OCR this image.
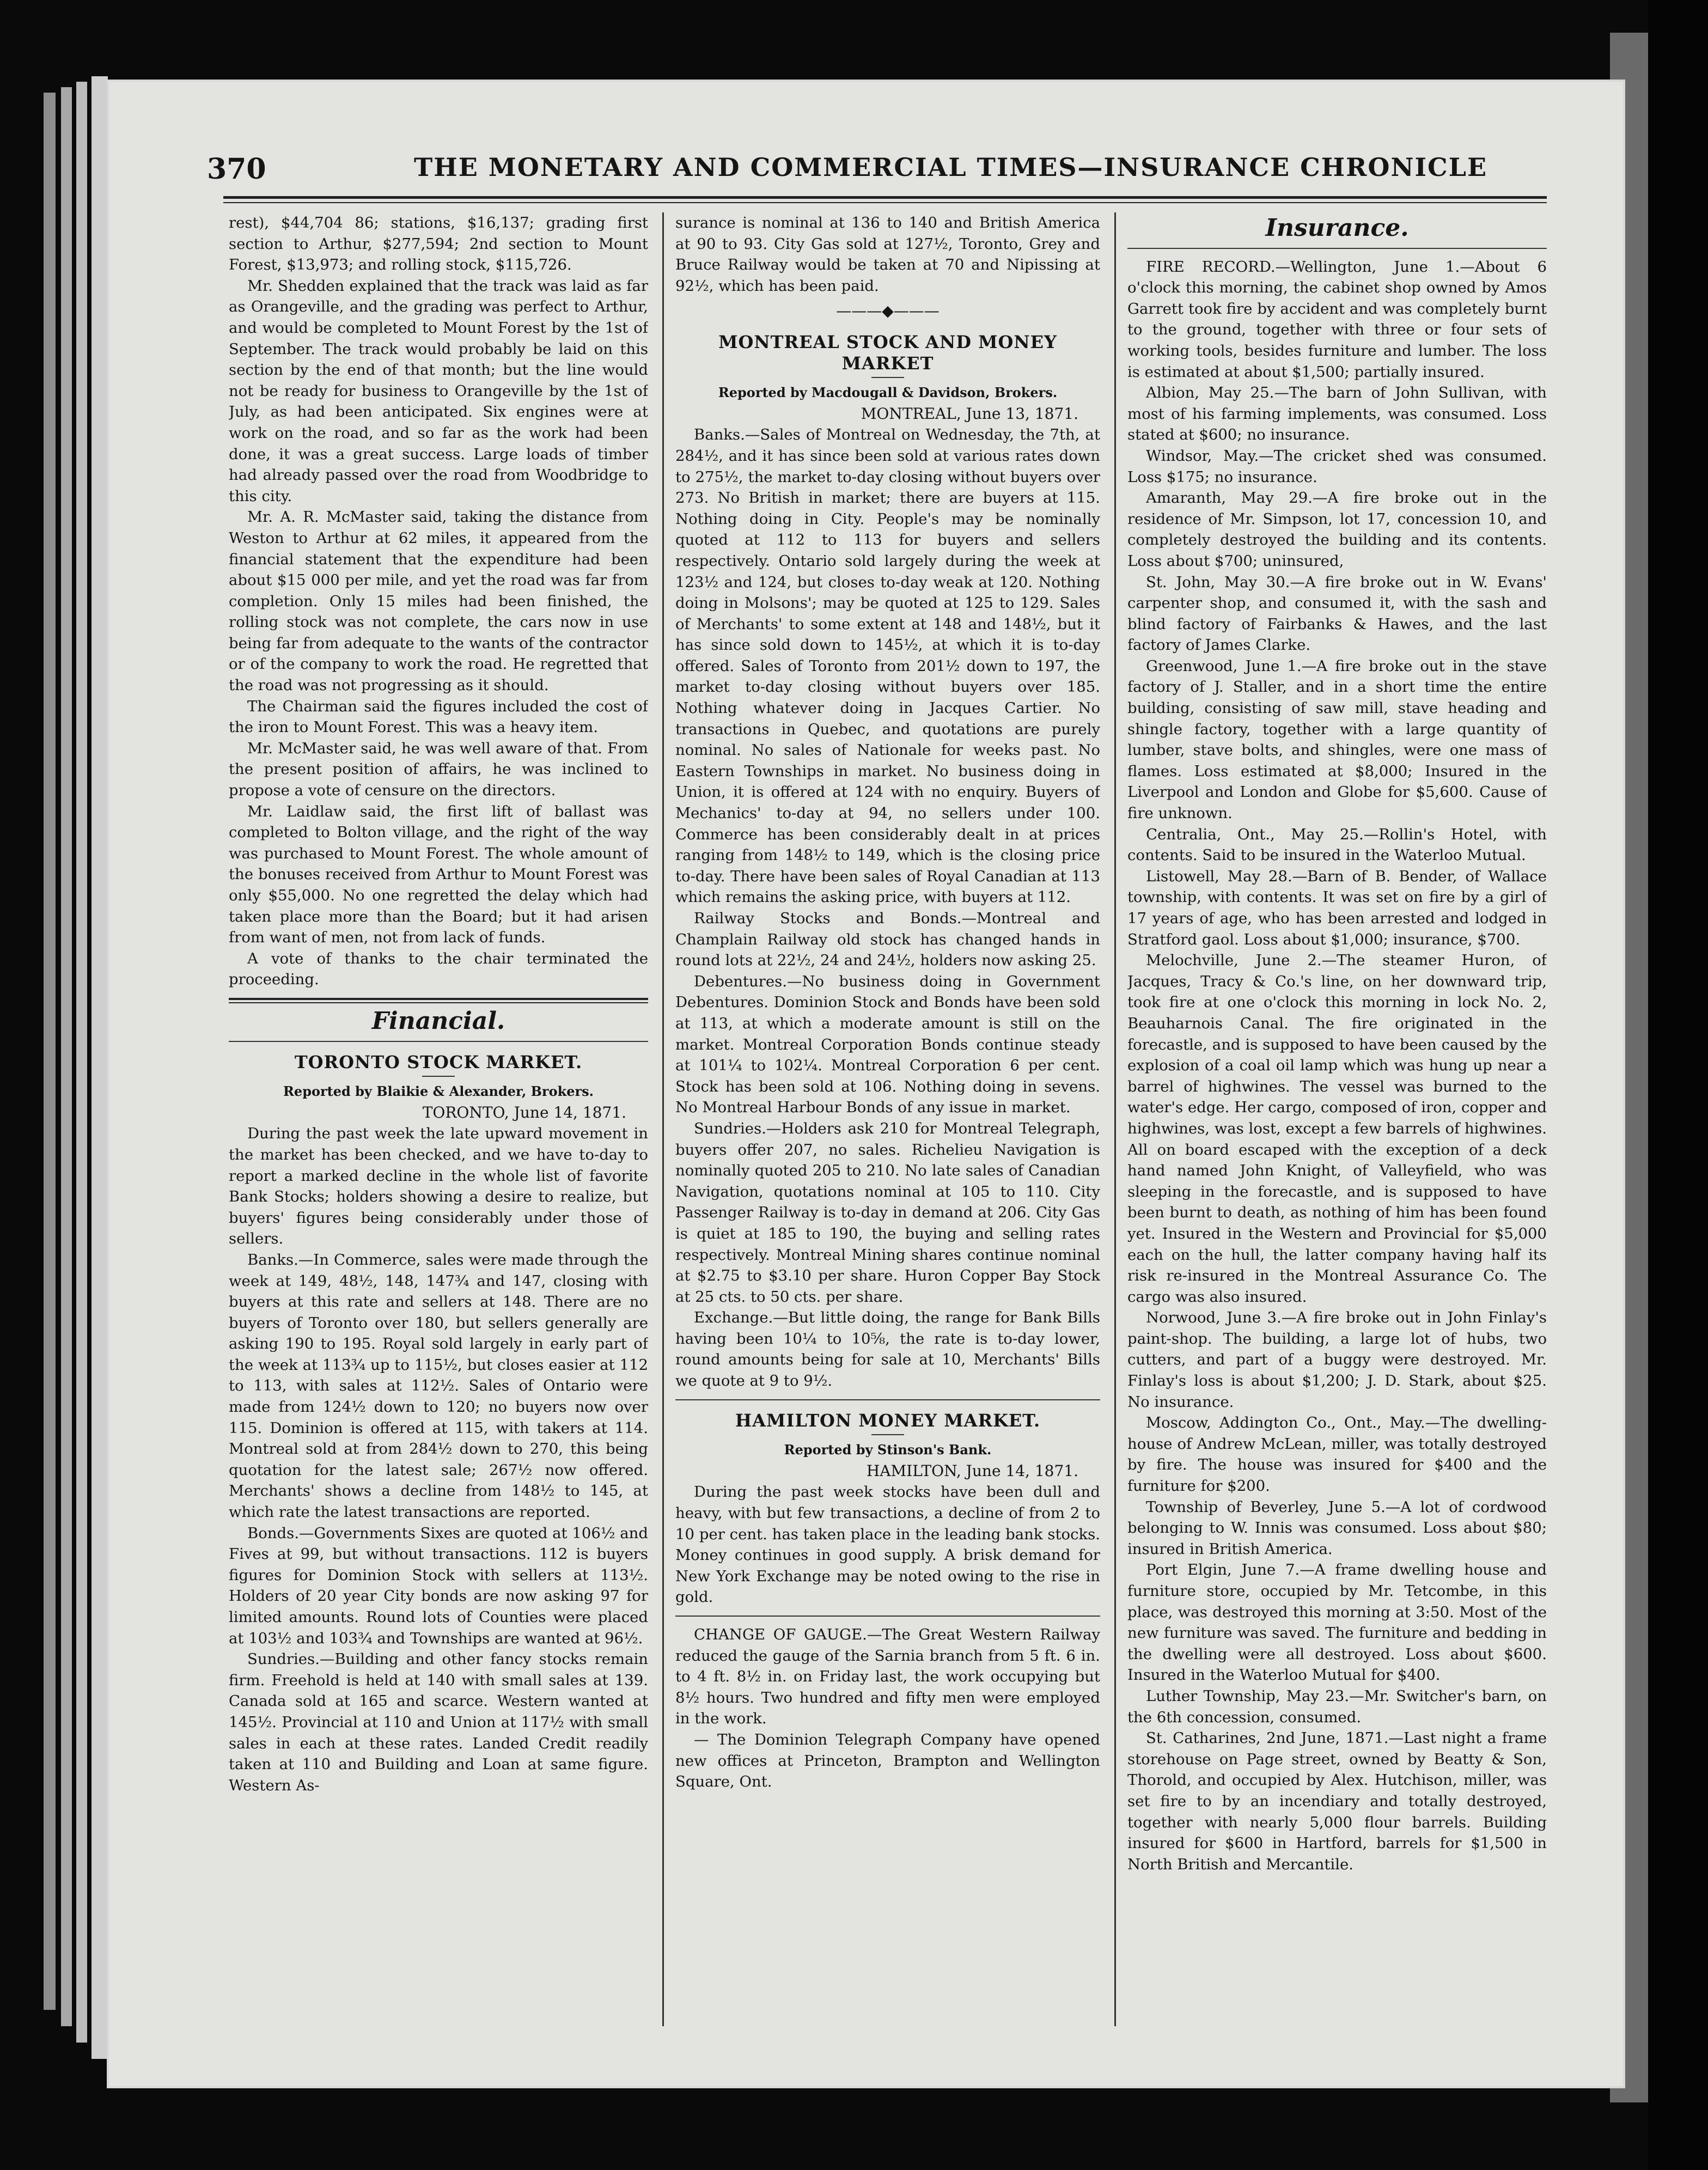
370	THE MONETARY AND COMMERCIAL TIMES—INSURANCE CHRONICLE

rest), $44,704 86; stations, $16,137; grading first section to Arthur, $277,594; 2nd section to Mount Forest, $13,973; and rolling stock, $115,726.

Mr. Shedden explained that the track was laid as far as Orangeville, and the grading was perfect to Arthur, and would be completed to Mount Forest by the 1st of September. The track would probably be laid on this section by the end of that month; but the line would not be ready for business to Orangeville by the 1st of July, as had been anticipated. Six engines were at work on the road, and so far as the work had been done, it was a great success. Large loads of timber had already passed over the road from Woodbridge to this city.

Mr. A. R. McMaster said, taking the distance from Weston to Arthur at 62 miles, it appeared from the financial statement that the expenditure had been about $15 000 per mile, and yet the road was far from completion. Only 15 miles had been finished, the rolling stock was not complete, the cars now in use being far from adequate to the wants of the contractor or of the company to work the road. He regretted that the road was not progressing as it should.

The Chairman said the figures included the cost of the iron to Mount Forest. This was a heavy item.

Mr. McMaster said, he was well aware of that. From the present position of affairs, he was inclined to propose a vote of censure on the directors.

Mr. Laidlaw said, the first lift of ballast was completed to Bolton village, and the right of the way was purchased to Mount Forest. The whole amount of the bonuses received from Arthur to Mount Forest was only $55,000. No one regretted the delay which had taken place more than the Board; but it had arisen from want of men, not from lack of funds.

A vote of thanks to the chair terminated the proceeding.

Financial.
TORONTO STOCK MARKET.
Reported by Blaikie & Alexander, Brokers.
TORONTO, June 14, 1871.

During the past week the late upward movement in the market has been checked, and we have to-day to report a marked decline in the whole list of favorite Bank Stocks; holders showing a desire to realize, but buyers' figures being considerably under those of sellers.

Banks.—In Commerce, sales were made through the week at 149, 48½, 148, 147¾ and 147, closing with buyers at this rate and sellers at 148. There are no buyers of Toronto over 180, but sellers generally are asking 190 to 195. Royal sold largely in early part of the week at 113¾ up to 115½, but closes easier at 112 to 113, with sales at 112½. Sales of Ontario were made from 124½ down to 120; no buyers now over 115. Dominion is offered at 115, with takers at 114. Montreal sold at from 284½ down to 270, this being quotation for the latest sale; 267½ now offered. Merchants' shows a decline from 148½ to 145, at which rate the latest transactions are reported.

Bonds.—Governments Sixes are quoted at 106½ and Fives at 99, but without transactions. 112 is buyers figures for Dominion Stock with sellers at 113½. Holders of 20 year City bonds are now asking 97 for limited amounts. Round lots of Counties were placed at 103½ and 103¾ and Townships are wanted at 96½.

Sundries.—Building and other fancy stocks remain firm. Freehold is held at 140 with small sales at 139. Canada sold at 165 and scarce. Western wanted at 145½. Provincial at 110 and Union at 117½ with small sales in each at these rates. Landed Credit readily taken at 110 and Building and Loan at same figure. Western As-

surance is nominal at 136 to 140 and British America at 90 to 93. City Gas sold at 127½, Toronto, Grey and Bruce Railway would be taken at 70 and Nipissing at 92½, which has been paid.

———◆———
MONTREAL STOCK AND MONEY MARKET
Reported by Macdougall & Davidson, Brokers.
MONTREAL, June 13, 1871.

Banks.—Sales of Montreal on Wednesday, the 7th, at 284½, and it has since been sold at various rates down to 275½, the market to-day closing without buyers over 273. No British in market; there are buyers at 115. Nothing doing in City. People's may be nominally quoted at 112 to 113 for buyers and sellers respectively. Ontario sold largely during the week at 123½ and 124, but closes to-day weak at 120. Nothing doing in Molsons'; may be quoted at 125 to 129. Sales of Merchants' to some extent at 148 and 148½, but it has since sold down to 145½, at which it is to-day offered. Sales of Toronto from 201½ down to 197, the market to-day closing without buyers over 185. Nothing whatever doing in Jacques Cartier. No transactions in Quebec, and quotations are purely nominal. No sales of Nationale for weeks past. No Eastern Townships in market. No business doing in Union, it is offered at 124 with no enquiry. Buyers of Mechanics' to-day at 94, no sellers under 100. Commerce has been considerably dealt in at prices ranging from 148½ to 149, which is the closing price to-day. There have been sales of Royal Canadian at 113 which remains the asking price, with buyers at 112.

Railway Stocks and Bonds.—Montreal and Champlain Railway old stock has changed hands in round lots at 22½, 24 and 24½, holders now asking 25.

Debentures.—No business doing in Government Debentures. Dominion Stock and Bonds have been sold at 113, at which a moderate amount is still on the market. Montreal Corporation Bonds continue steady at 101¼ to 102¼. Montreal Corporation 6 per cent. Stock has been sold at 106. Nothing doing in sevens. No Montreal Harbour Bonds of any issue in market.

Sundries.—Holders ask 210 for Montreal Telegraph, buyers offer 207, no sales. Richelieu Navigation is nominally quoted 205 to 210. No late sales of Canadian Navigation, quotations nominal at 105 to 110. City Passenger Railway is to-day in demand at 206. City Gas is quiet at 185 to 190, the buying and selling rates respectively. Montreal Mining shares continue nominal at $2.75 to $3.10 per share. Huron Copper Bay Stock at 25 cts. to 50 cts. per share.

Exchange.—But little doing, the range for Bank Bills having been 10¼ to 10⅝, the rate is to-day lower, round amounts being for sale at 10, Merchants' Bills we quote at 9 to 9½.

HAMILTON MONEY MARKET.
Reported by Stinson's Bank.
HAMILTON, June 14, 1871.

During the past week stocks have been dull and heavy, with but few transactions, a decline of from 2 to 10 per cent. has taken place in the leading bank stocks. Money continues in good supply. A brisk demand for New York Exchange may be noted owing to the rise in gold.

CHANGE OF GAUGE.—The Great Western Railway reduced the gauge of the Sarnia branch from 5 ft. 6 in. to 4 ft. 8½ in. on Friday last, the work occupying but 8½ hours. Two hundred and fifty men were employed in the work.

— The Dominion Telegraph Company have opened new offices at Princeton, Brampton and Wellington Square, Ont.

Insurance.

FIRE RECORD.—Wellington, June 1.—About 6 o'clock this morning, the cabinet shop owned by Amos Garrett took fire by accident and was completely burnt to the ground, together with three or four sets of working tools, besides furniture and lumber. The loss is estimated at about $1,500; partially insured.

Albion, May 25.—The barn of John Sullivan, with most of his farming implements, was consumed. Loss stated at $600; no insurance.

Windsor, May.—The cricket shed was consumed. Loss $175; no insurance.

Amaranth, May 29.—A fire broke out in the residence of Mr. Simpson, lot 17, concession 10, and completely destroyed the building and its contents. Loss about $700; uninsured,

St. John, May 30.—A fire broke out in W. Evans' carpenter shop, and consumed it, with the sash and blind factory of Fairbanks & Hawes, and the last factory of James Clarke.

Greenwood, June 1.—A fire broke out in the stave factory of J. Staller, and in a short time the entire building, consisting of saw mill, stave heading and shingle factory, together with a large quantity of lumber, stave bolts, and shingles, were one mass of flames. Loss estimated at $8,000; Insured in the Liverpool and London and Globe for $5,600. Cause of fire unknown.

Centralia, Ont., May 25.—Rollin's Hotel, with contents. Said to be insured in the Waterloo Mutual.

Listowell, May 28.—Barn of B. Bender, of Wallace township, with contents. It was set on fire by a girl of 17 years of age, who has been arrested and lodged in Stratford gaol. Loss about $1,000; insurance, $700.

Melochville, June 2.—The steamer Huron, of Jacques, Tracy & Co.'s line, on her downward trip, took fire at one o'clock this morning in lock No. 2, Beauharnois Canal. The fire originated in the forecastle, and is supposed to have been caused by the explosion of a coal oil lamp which was hung up near a barrel of highwines. The vessel was burned to the water's edge. Her cargo, composed of iron, copper and highwines, was lost, except a few barrels of highwines. All on board escaped with the exception of a deck hand named John Knight, of Valleyfield, who was sleeping in the forecastle, and is supposed to have been burnt to death, as nothing of him has been found yet. Insured in the Western and Provincial for $5,000 each on the hull, the latter company having half its risk re-insured in the Montreal Assurance Co. The cargo was also insured.

Norwood, June 3.—A fire broke out in John Finlay's paint-shop. The building, a large lot of hubs, two cutters, and part of a buggy were destroyed. Mr. Finlay's loss is about $1,200; J. D. Stark, about $25. No insurance.

Moscow, Addington Co., Ont., May.—The dwelling-house of Andrew McLean, miller, was totally destroyed by fire. The house was insured for $400 and the furniture for $200.

Township of Beverley, June 5.—A lot of cordwood belonging to W. Innis was consumed. Loss about $80; insured in British America.

Port Elgin, June 7.—A frame dwelling house and furniture store, occupied by Mr. Tetcombe, in this place, was destroyed this morning at 3:50. Most of the new furniture was saved. The furniture and bedding in the dwelling were all destroyed. Loss about $600. Insured in the Waterloo Mutual for $400.

Luther Township, May 23.—Mr. Switcher's barn, on the 6th concession, consumed.

St. Catharines, 2nd June, 1871.—Last night a frame storehouse on Page street, owned by Beatty & Son, Thorold, and occupied by Alex. Hutchison, miller, was set fire to by an incendiary and totally destroyed, together with nearly 5,000 flour barrels. Building insured for $600 in Hartford, barrels for $1,500 in North British and Mercantile.
